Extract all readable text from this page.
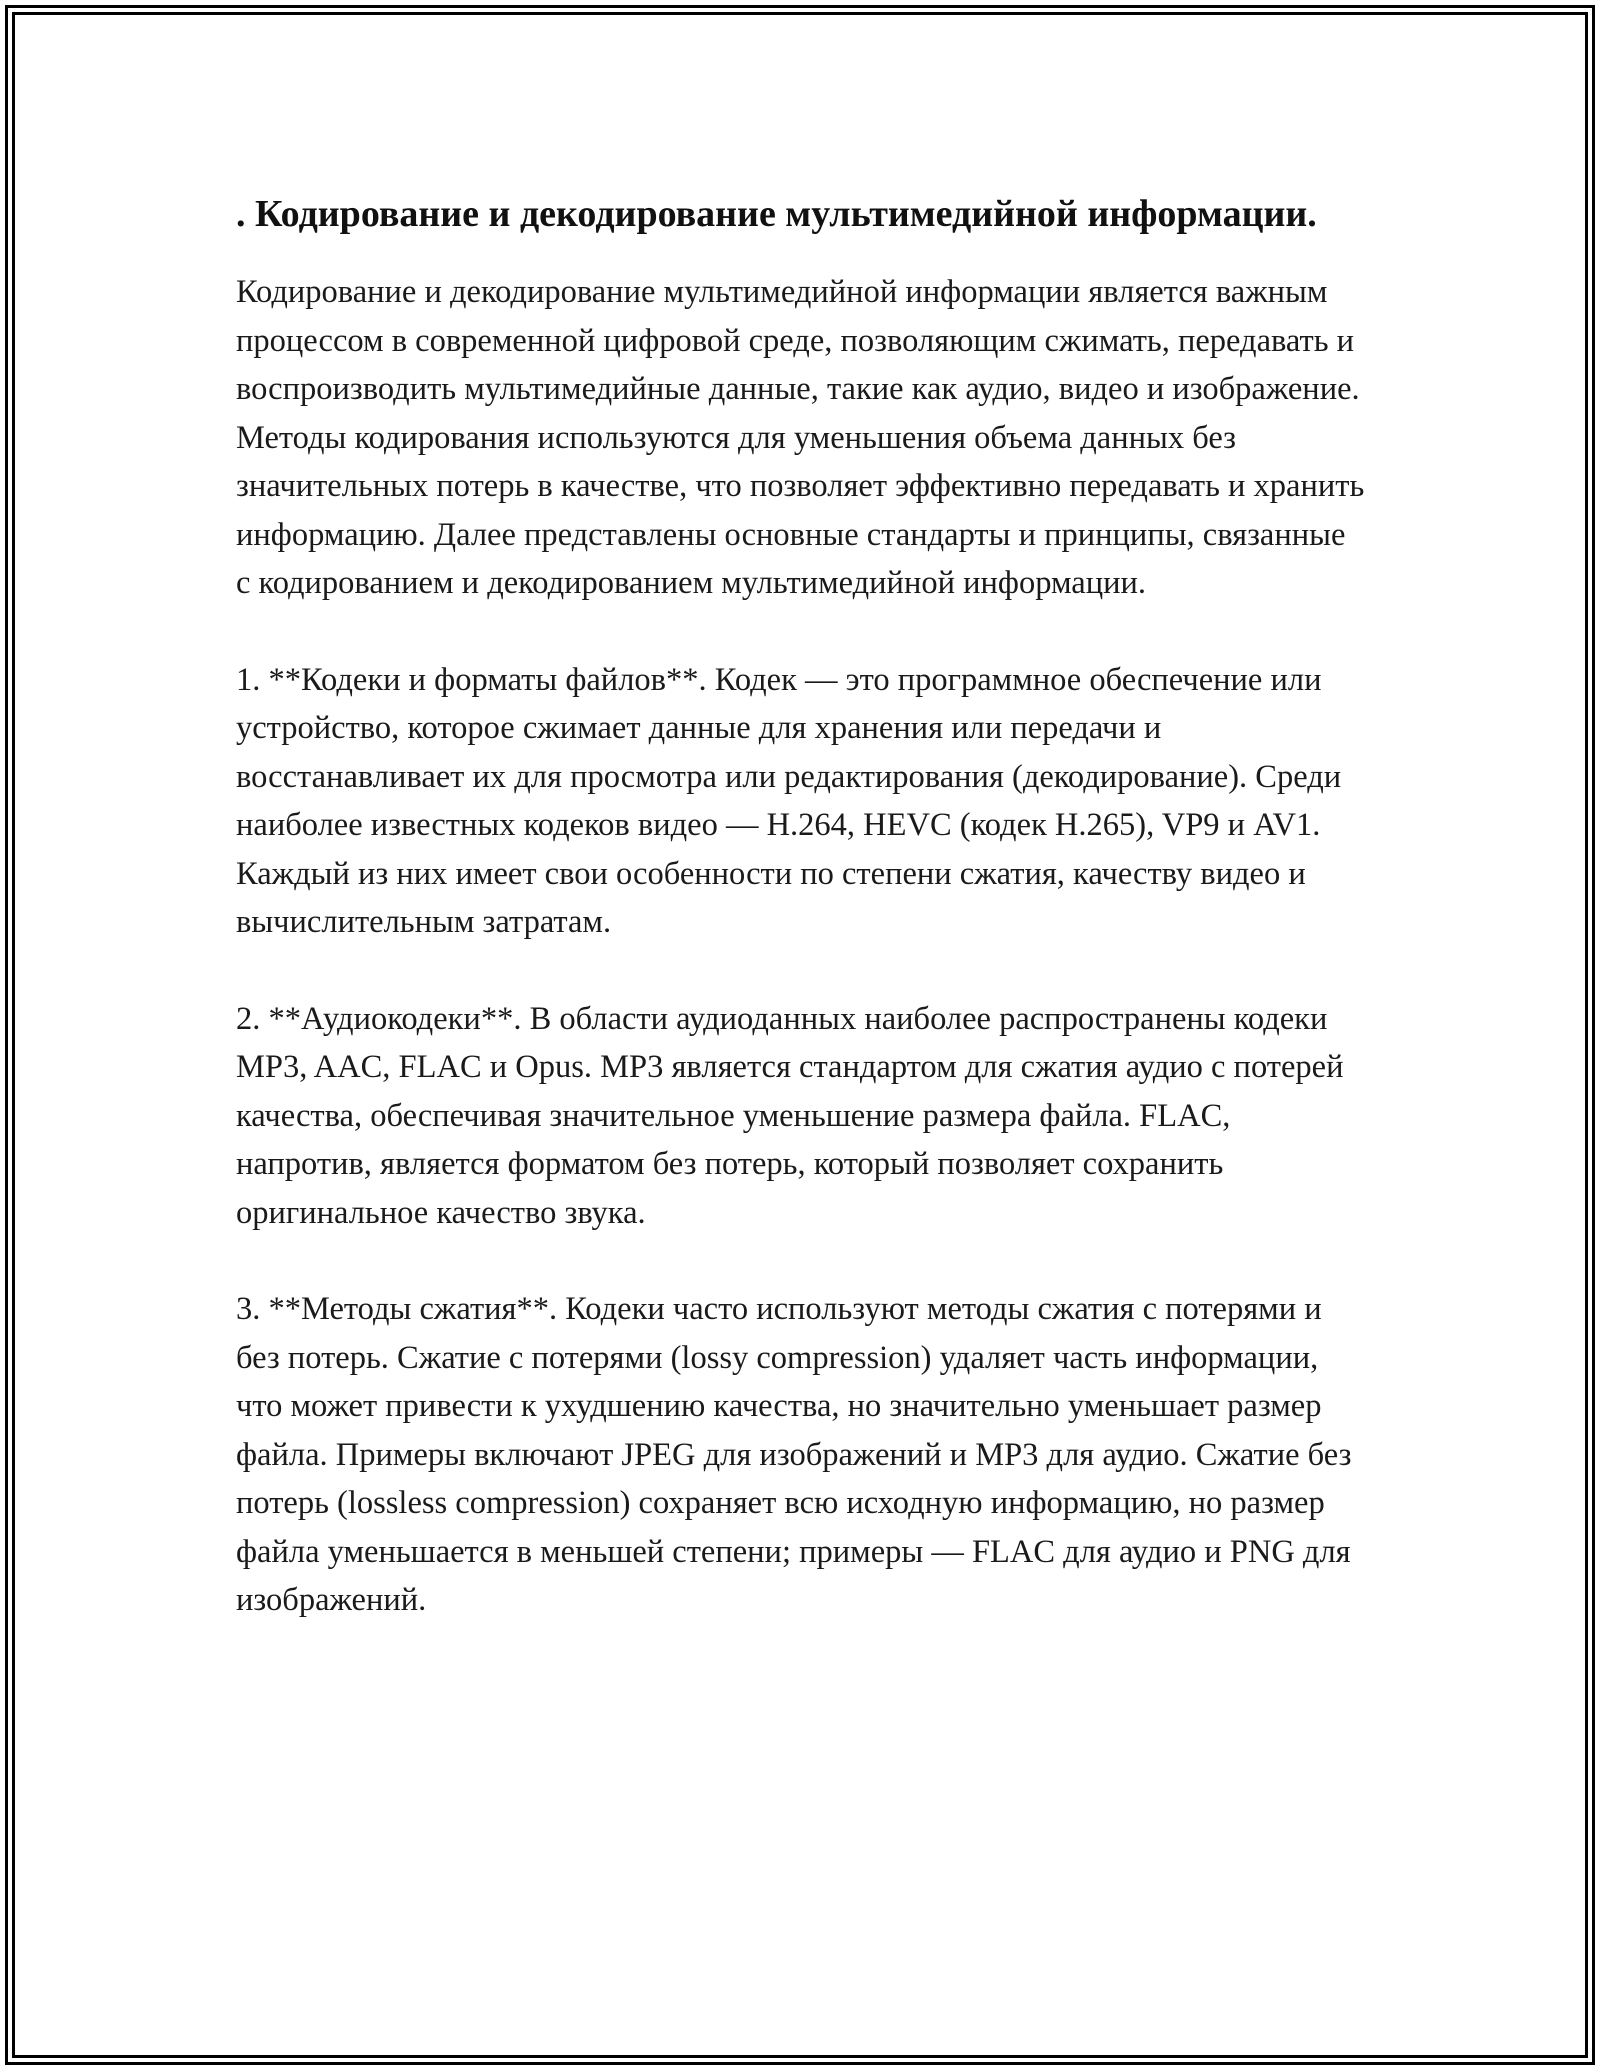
. Кодирование и декодирование мультимедийной информации.

Кодирование и декодирование мультимедийной информации является важным процессом в современной цифровой среде, позволяющим сжимать, передавать и воспроизводить мультимедийные данные, такие как аудио, видео и изображение. Методы кодирования используются для уменьшения объема данных без значительных потерь в качестве, что позволяет эффективно передавать и хранить информацию. Далее представлены основные стандарты и принципы, связанные с кодированием и декодированием мультимедийной информации.

1. **Кодеки и форматы файлов**. Кодек — это программное обеспечение или устройство, которое сжимает данные для хранения или передачи и восстанавливает их для просмотра или редактирования (декодирование). Среди наиболее известных кодеков видео — H.264, HEVC (кодек H.265), VP9 и AV1. Каждый из них имеет свои особенности по степени сжатия, качеству видео и вычислительным затратам.

2. **Аудиокодеки**. В области аудиоданных наиболее распространены кодеки MP3, AAC, FLAC и Opus. MP3 является стандартом для сжатия аудио с потерей качества, обеспечивая значительное уменьшение размера файла. FLAC, напротив, является форматом без потерь, который позволяет сохранить оригинальное качество звука.

3. **Методы сжатия**. Кодеки часто используют методы сжатия с потерями и без потерь. Сжатие с потерями (lossy compression) удаляет часть информации, что может привести к ухудшению качества, но значительно уменьшает размер файла. Примеры включают JPEG для изображений и MP3 для аудио. Сжатие без потерь (lossless compression) сохраняет всю исходную информацию, но размер файла уменьшается в меньшей степени; примеры — FLAC для аудио и PNG для изображений.
